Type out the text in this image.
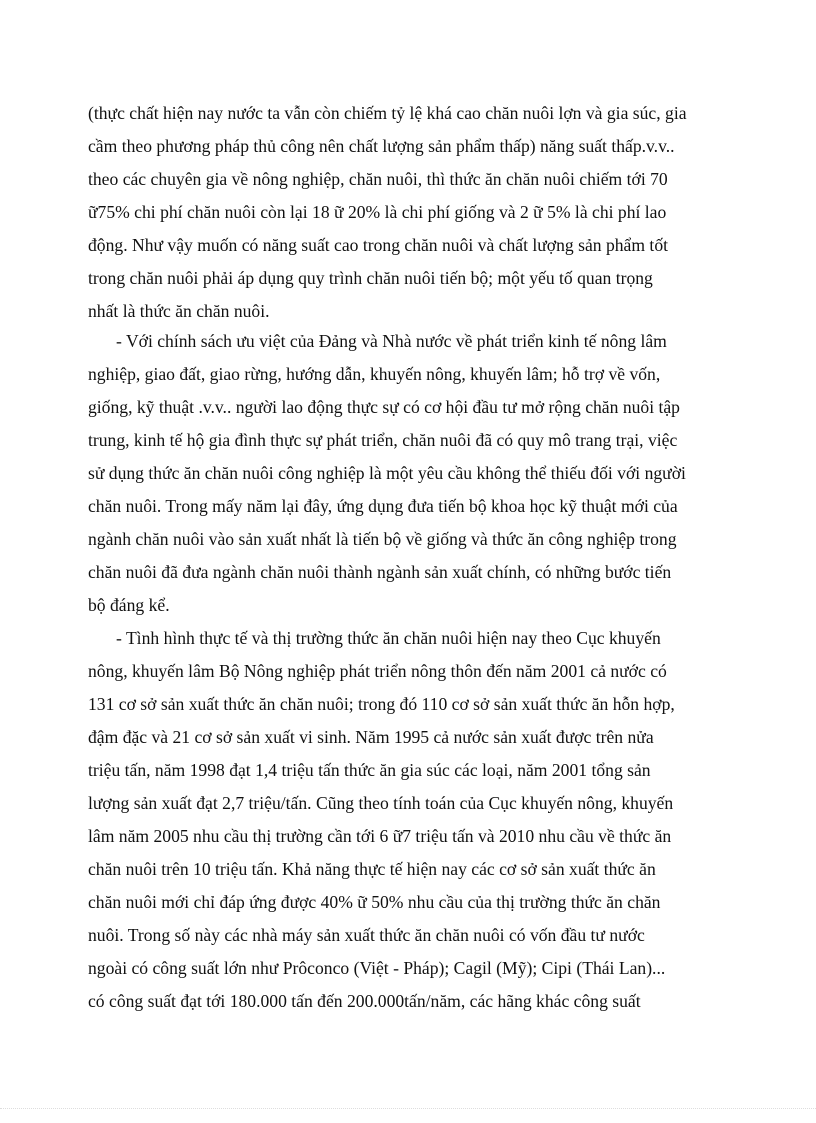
(thực chất hiện nay nước ta vẫn còn chiếm tỷ lệ khá cao chăn nuôi lợn và gia súc, gia
cầm theo phương pháp thủ công nên chất lượng sản phẩm thấp) năng suất thấp.v.v..
theo các chuyên gia về nông nghiệp, chăn nuôi, thì thức ăn chăn nuôi chiếm tới 70
ữ75% chi phí chăn nuôi còn lại 18 ữ 20% là chi phí giống và 2 ữ 5% là chi phí lao
động. Như vậy muốn có năng suất cao trong chăn nuôi và chất lượng sản phẩm tốt
trong chăn nuôi phải áp dụng quy trình chăn nuôi tiến bộ; một yếu tố quan trọng
nhất là thức ăn chăn nuôi.
- Với chính sách ưu việt của Đảng và Nhà nước về phát triển kinh tế nông lâm
nghiệp, giao đất, giao rừng, hướng dẫn, khuyến nông, khuyến lâm; hỗ trợ về vốn,
giống, kỹ thuật .v.v.. người lao động thực sự có cơ hội đầu tư mở rộng chăn nuôi tập
trung, kinh tế hộ gia đình thực sự phát triển, chăn nuôi đã có quy mô trang trại, việc
sử dụng thức ăn chăn nuôi công nghiệp là một yêu cầu không thể thiếu đối với người
chăn nuôi. Trong mấy năm lại đây, ứng dụng đưa tiến bộ khoa học kỹ thuật mới của
ngành chăn nuôi vào sản xuất nhất là tiến bộ về giống và thức ăn công nghiệp trong
chăn nuôi đã đưa ngành chăn nuôi thành ngành sản xuất chính, có những bước tiến
bộ đáng kể.
- Tình hình thực tế và thị trường thức ăn chăn nuôi hiện nay theo Cục khuyến
nông, khuyến lâm Bộ Nông nghiệp phát triển nông thôn đến năm 2001 cả nước có
131 cơ sở sản xuất thức ăn chăn nuôi; trong đó 110 cơ sở sản xuất thức ăn hỗn hợp,
đậm đặc và 21 cơ sở sản xuất vi sinh. Năm 1995 cả nước sản xuất được trên nửa
triệu tấn, năm 1998 đạt 1,4 triệu tấn thức ăn gia súc các loại, năm 2001 tổng sản
lượng sản xuất đạt 2,7 triệu/tấn. Cũng theo tính toán của Cục khuyến nông, khuyến
lâm năm 2005 nhu cầu thị trường cần tới 6 ữ7 triệu tấn và 2010 nhu cầu về thức ăn
chăn nuôi trên 10 triệu tấn. Khả năng thực tế hiện nay các cơ sở sản xuất thức ăn
chăn nuôi mới chỉ đáp ứng được 40% ữ 50% nhu cầu của thị trường thức ăn chăn
nuôi. Trong số này các nhà máy sản xuất thức ăn chăn nuôi có vốn đầu tư nước
ngoài có công suất lớn như Prôconco (Việt - Pháp); Cagil (Mỹ); Cipi (Thái Lan)...
có công suất đạt tới 180.000 tấn đến 200.000tấn/năm, các hãng khác công suất
